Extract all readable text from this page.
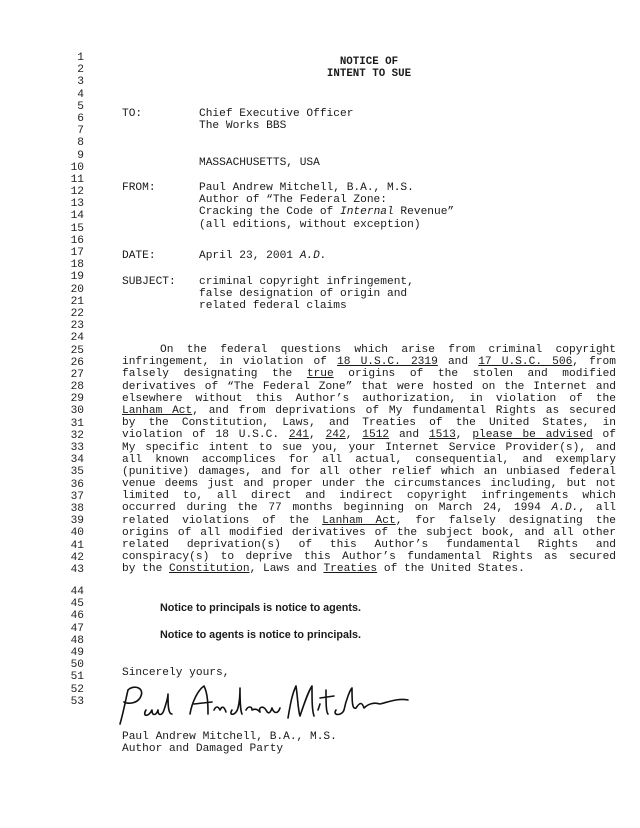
1
2
3
4
5
6
7
8
9
10
11
12
13
14
15
16
17
18
19
20
21
22
23
24
25
26
27
28
29
30
31
32
33
34
35
36
37
38
39
40
41
42
43
44
45
46
47
48
49
50
51
52
53
NOTICE OF
INTENT TO SUE
TO:	Chief Executive Officer
The Works BBS
MASSACHUSETTS, USA
FROM:	Paul Andrew Mitchell, B.A., M.S.
Author of “The Federal Zone:
Cracking the Code of Internal Revenue”
(all editions, without exception)
DATE:	April 23, 2001 A.D.
SUBJECT: criminal copyright infringement,
false designation of origin and
related federal claims
On the federal questions which arise from criminal copyright
infringement, in violation of 18 U.S.C. 2319 and 17 U.S.C. 506, from
falsely designating the true origins of the stolen and modified
derivatives of “The Federal Zone” that were hosted on the Internet and
elsewhere without this Author’s authorization, in violation of the
Lanham Act, and from deprivations of My fundamental Rights as secured
by the Constitution, Laws, and Treaties of the United States, in
violation of 18 U.S.C. 241, 242, 1512 and 1513, please be advised of
My specific intent to sue you, your Internet Service Provider(s), and
all known accomplices for all actual, consequential, and exemplary
(punitive) damages, and for all other relief which an unbiased federal
venue deems just and proper under the circumstances including, but not
limited to, all direct and indirect copyright infringements which
occurred during the 77 months beginning on March 24, 1994 A.D., all
related violations of the Lanham Act, for falsely designating the
origins of all modified derivatives of the subject book, and all other
related deprivation(s) of this Author’s fundamental Rights and
conspiracy(s) to deprive this Author’s fundamental Rights as secured
by the Constitution, Laws and Treaties of the United States.
Notice to principals is notice to agents.
Notice to agents is notice to principals.
Sincerely yours,
Paul Andrew Mitchell, B.A., M.S.
Author and Damaged Party
